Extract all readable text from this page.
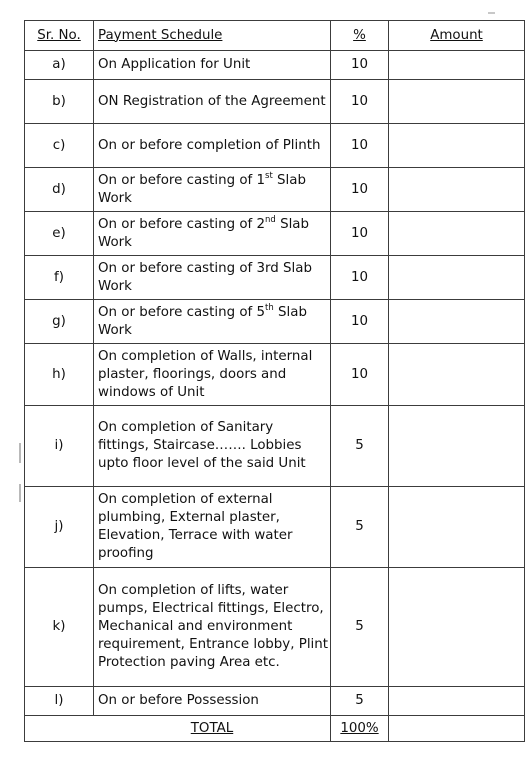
Sr. No.	Payment Schedule	%	Amount
a)	On Application for Unit	10	
b)	ON Registration of the Agreement	10	
c)	On or before completion of Plinth	10	
d)	On or before casting of 1st Slab Work	10	
e)	On or before casting of 2nd Slab Work	10	
f)	On or before casting of 3rd Slab Work	10	
g)	On or before casting of 5th Slab Work	10	
h)	On completion of Walls, internal plaster, floorings, doors and windows of Unit	10	
i)	On completion of Sanitary fittings, Staircase……. Lobbies upto floor level of the said Unit	5	
j)	On completion of external plumbing, External plaster, Elevation, Terrace with water proofing	5	
k)	On completion of lifts, water pumps, Electrical fittings, Electro, Mechanical and environment requirement, Entrance lobby, Plint Protection paving Area etc.	5	
l)	On or before Possession	5	
TOTAL		100%	
